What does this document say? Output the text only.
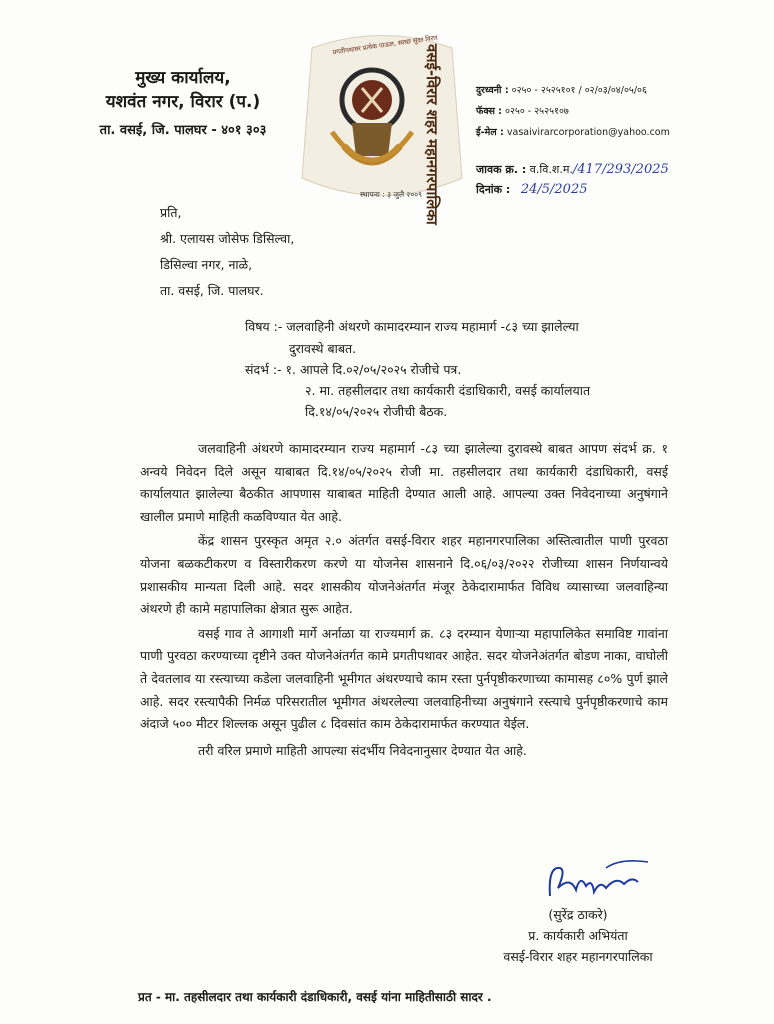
मुख्य कार्यालय,
यशवंत नगर, विरार (प.)
ता. वसई, जि. पालघर - ४०१ ३०३
प्रगतीपथावर प्रत्येक पाऊल, स्वच्छ सुंदर विरार
वसई-विरार शहर महानगरपालिका
स्थापना : ३ जुलै २००९
दुरध्वनी : ०२५० - २५२५१०१ / ०२/०३/०४/०५/०६
फॅक्स : ०२५० - २५२५१०७
ई-मेल : vasaivirarcorporation@yahoo.com
जावक क्र. : व.वि.श.म./417/293/2025
दिनांक : 24/5/2025
प्रति,
श्री. एलायस जोसेफ डिसिल्वा,
डिसिल्वा नगर, नाळे,
ता. वसई, जि. पालघर.
विषय :- जलवाहिनी अंथरणे कामादरम्यान राज्य महामार्ग -८३ च्या झालेल्या
दुरावस्थे बाबत.
संदर्भ :- १. आपले दि.०२/०५/२०२५ रोजीचे पत्र.
२. मा. तहसीलदार तथा कार्यकारी दंडाधिकारी, वसई कार्यालयात
दि.१४/०५/२०२५ रोजीची बैठक.

जलवाहिनी अंथरणे कामादरम्यान राज्य महामार्ग -८३ च्या झालेल्या दुरावस्थे बाबत आपण संदर्भ क्र. १ अन्वये निवेदन दिले असून याबाबत दि.१४/०५/२०२५ रोजी मा. तहसीलदार तथा कार्यकारी दंडाधिकारी, वसई कार्यालयात झालेल्या बैठकीत आपणास याबाबत माहिती देण्यात आली आहे. आपल्या उक्त निवेदनाच्या अनुषंगाने खालील प्रमाणे माहिती कळविण्यात येत आहे.

केंद्र शासन पुरस्कृत अमृत २.० अंतर्गत वसई-विरार शहर महानगरपालिका अस्तित्वातील पाणी पुरवठा योजना बळकटीकरण व विस्तारीकरण करणे या योजनेस शासनाने दि.०६/०३/२०२२ रोजीच्या शासन निर्णयान्वये प्रशासकीय मान्यता दिली आहे. सदर शासकीय योजनेअंतर्गत मंजूर ठेकेदारामार्फत विविध व्यासाच्या जलवाहिन्या अंथरणे ही कामे महापालिका क्षेत्रात सुरू आहेत.

वसई गाव ते आगाशी मार्गे अर्नाळा या राज्यमार्ग क्र. ८३ दरम्यान येणाऱ्या महापालिकेत समाविष्ट गावांना पाणी पुरवठा करण्याच्या दृष्टीने उक्त योजनेअंतर्गत कामे प्रगतीपथावर आहेत. सदर योजनेअंतर्गत बोडण नाका, वाघोली ते देवतलाव या रस्त्याच्या कडेला जलवाहिनी भूमीगत अंथरण्याचे काम रस्ता पुर्नपृष्ठीकरणाच्या कामासह ८०% पुर्ण झाले आहे. सदर रस्त्यापैकी निर्मळ परिसरातील भूमीगत अंथरलेल्या जलवाहिनीच्या अनुषंगाने रस्त्याचे पुर्नपृष्ठीकरणाचे काम अंदाजे ५०० मीटर शिल्लक असून पुढील ८ दिवसांत काम ठेकेदारामार्फत करण्यात येईल.

तरी वरिल प्रमाणे माहिती आपल्या संदर्भीय निवेदनानुसार देण्यात येत आहे.

(सुरेंद्र ठाकरे)
प्र. कार्यकारी अभियंता
वसई-विरार शहर महानगरपालिका
प्रत - मा. तहसीलदार तथा कार्यकारी दंडाधिकारी, वसई यांना माहितीसाठी सादर .
